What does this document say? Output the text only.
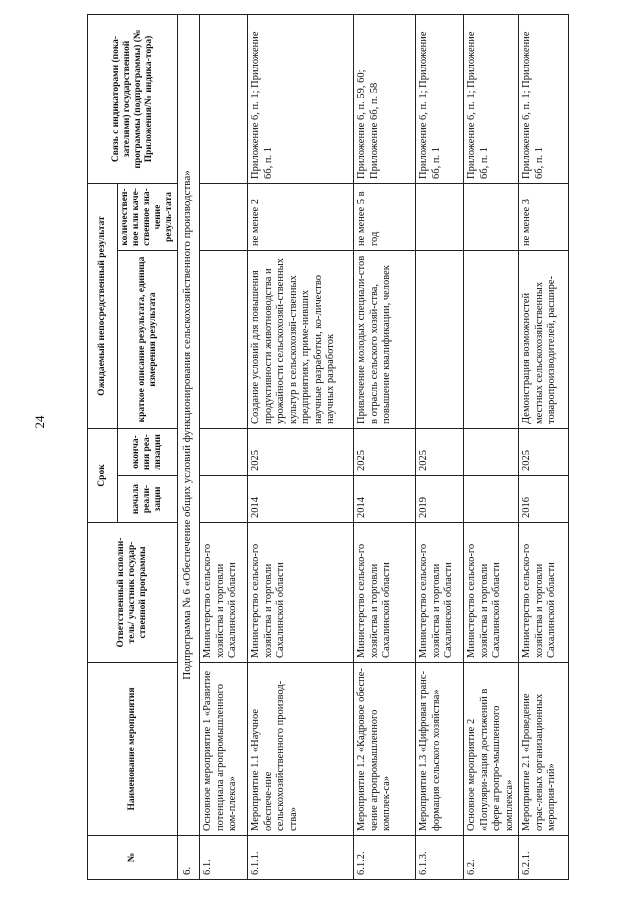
24
№	Наименование мероприятия	Ответственный исполни-тель/ участник государ-ственной программы	Срок		Ожидаемый непосредственный результат		Связь с индикаторами (пока-зателями) государственной программы (подпрограммы) (№ Приложения/№ индика-тора)
			начала реали-зации	оконча-ния реа-лизации	краткое описание результата, единица измерения результата	количествен-ное или каче-ственное зна-чение резуль-тата	
6.	Подпрограмма № 6 «Обеспечение общих условий функционирования сельскохозяйственного производства»						
6.1.	Основное мероприятие 1 «Развитие потенциала агропромышленного ком-плекса»	Министерство сельско-го хозяйства и торговли Сахалинской области					
6.1.1.	Мероприятие 1.1 «Научное обеспече-ние сельскохозяйственного производ-ства»	Министерство сельско-го хозяйства и торговли Сахалинской области	2014	2025	Создание условий для повышения продуктивности животноводства и урожайности сельскохозяй-ственных культур в сельскохозяй-ственных предприятиях, приме-нивших научные разработки, ко-личество научных разработок	не менее 2	Приложение 6, п. 1; Приложение 6б, п. 1
6.1.2.	Мероприятие 1.2 «Кадровое обеспе-чение агропромышленного комплек-са»	Министерство сельско-го хозяйства и торговли Сахалинской области	2014	2025	Привлечение молодых специали-стов в отрасль сельского хозяй-ства, повышение квалификации, человек	не менее 5 в год	Приложение 6, п. 59, 60; Приложение 6б, п. 58
6.1.3.	Мероприятие 1.3 «Цифровая транс-формация сельского хозяйства»	Министерство сельско-го хозяйства и торговли Сахалинской области	2019	2025			Приложение 6, п. 1; Приложение 6б, п. 1
6.2.	Основное мероприятие 2 «Популяри-зация достижений в сфере агропро-мышленного комплекса»	Министерство сельско-го хозяйства и торговли Сахалинской области					Приложение 6, п. 1; Приложение 6б, п. 1
6.2.1.	Мероприятие 2.1 «Проведение отрас-левых организационных мероприя-тий»	Министерство сельско-го хозяйства и торговли Сахалинской области	2016	2025	Демонстрация возможностей местных сельскохозяйственных товаропроизводителей, расшире-	не менее 3	Приложение 6, п. 1; Приложение 6б, п. 1
